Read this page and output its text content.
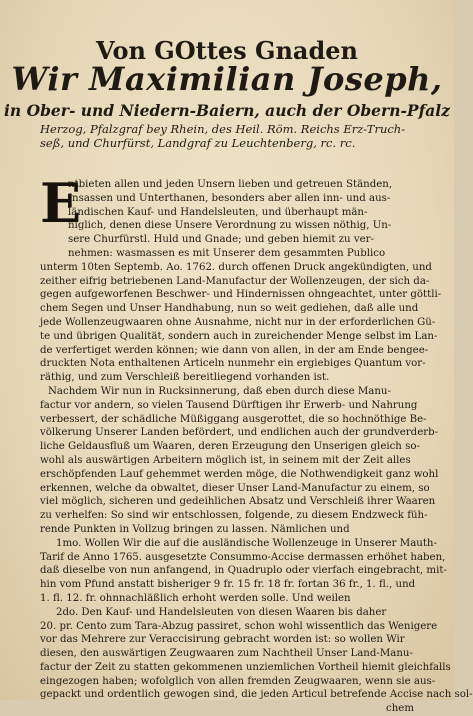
Von GOttes Gnaden
Wir Maximilian Joseph,
in Ober- und Niedern-Baiern, auch der Obern-Pfalz
Herzog, Pfalzgraf bey Rhein, des Heil. Röm. Reichs Erz-Truch-
seß, und Churfürst, Landgraf zu Leuchtenberg, rc. rc.
E
ntbieten allen und jeden Unsern lieben und getreuen Ständen,
Insassen und Unterthanen, besonders aber allen inn- und aus-
ländischen Kauf- und Handelsleuten, und überhaupt män-
niglich, denen diese Unsere Verordnung zu wissen nöthig, Un-
sere Churfürstl. Huld und Gnade; und geben hiemit zu ver-
nehmen: wasmassen es mit Unserer dem gesammten Publico
unterm 10ten Septemb. Ao. 1762. durch offenen Druck angekündigten, und
zeither eifrig betriebenen Land-Manufactur der Wollenzeugen, der sich da-
gegen aufgeworfenen Beschwer- und Hindernissen ohngeachtet, unter göttli-
chem Segen und Unser Handhabung, nun so weit gediehen, daß alle und
jede Wollenzeugwaaren ohne Ausnahme, nicht nur in der erforderlichen Gü-
te und übrigen Qualität, sondern auch in zureichender Menge selbst im Lan-
de verfertiget werden können; wie dann von allen, in der am Ende bengee-
druckten Nota enthaltenen Articeln nunmehr ein ergiebiges Quantum vor-
räthig, und zum Verschleiß bereitliegend vorhanden ist.
Nachdem Wir nun in Rucksinnerung, daß eben durch diese Manu-
factur vor andern, so vielen Tausend Dürftigen ihr Erwerb- und Nahrung
verbessert, der schädliche Müßiggang ausgerottet, die so hochnöthige Be-
völkerung Unserer Landen befördert, und endlichen auch der grundverderb-
liche Geldausfluß um Waaren, deren Erzeugung den Unserigen gleich so-
wohl als auswärtigen Arbeitern möglich ist, in seinem mit der Zeit alles
erschöpfenden Lauf gehemmet werden möge, die Nothwendigkeit ganz wohl
erkennen, welche da obwaltet, dieser Unser Land-Manufactur zu einem, so
viel möglich, sicheren und gedeihlichen Absatz und Verschleiß ihrer Waaren
zu verhelfen: So sind wir entschlossen, folgende, zu diesem Endzweck füh-
rende Punkten in Vollzug bringen zu lassen. Nämlichen und
1mo. Wollen Wir die auf die ausländische Wollenzeuge in Unserer Mauth-
Tarif de Anno 1765. ausgesetzte Consummo-Accise dermassen erhöhet haben,
daß dieselbe von nun anfangend, in Quadruplo oder vierfach eingebracht, mit-
hin vom Pfund anstatt bisheriger 9 fr. 15 fr. 18 fr. fortan 36 fr., 1. fl., und
1. fl. 12. fr. ohnnachläßlich erhoht werden solle. Und weilen
2do. Den Kauf- und Handelsleuten von diesen Waaren bis daher
20. pr. Cento zum Tara-Abzug passiret, schon wohl wissentlich das Wenigere
vor das Mehrere zur Veraccisirung gebracht worden ist: so wollen Wir
diesen, den auswärtigen Zeugwaaren zum Nachtheil Unser Land-Manu-
factur der Zeit zu statten gekommenen unziemlichen Vortheil hiemit gleichfalls
eingezogen haben; wofolglich von allen fremden Zeugwaaren, wenn sie aus-
gepackt und ordentlich gewogen sind, die jeden Articul betrefende Accise nach sol-
chem
